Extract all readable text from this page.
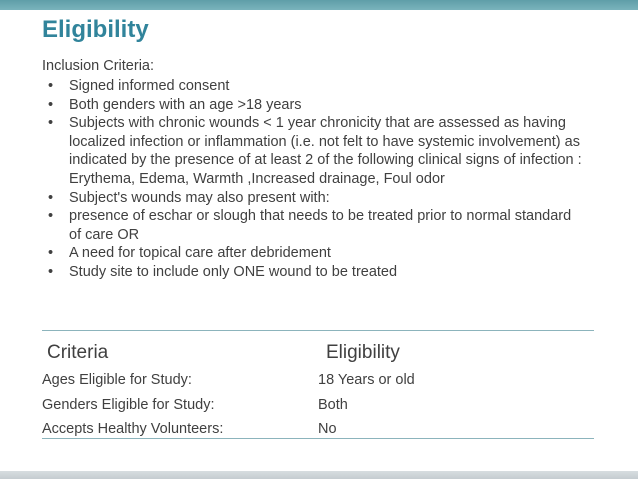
Eligibility
Inclusion Criteria:
• Signed informed consent
• Both genders with an age >18 years
• Subjects with chronic wounds < 1 year chronicity that are assessed as having localized infection or inflammation (i.e. not felt to have systemic involvement) as indicated by the presence of at least 2 of the following clinical signs of infection : Erythema, Edema, Warmth ,Increased drainage, Foul odor
• Subject's wounds may also present with:
• presence of eschar or slough that needs to be treated prior to normal standard of care OR
• A need for topical care after debridement
• Study site to include only ONE wound to be treated
Criteria	Eligibility
Ages Eligible for Study:	18 Years or old
Genders Eligible for Study:	Both
Accepts Healthy Volunteers:	No
